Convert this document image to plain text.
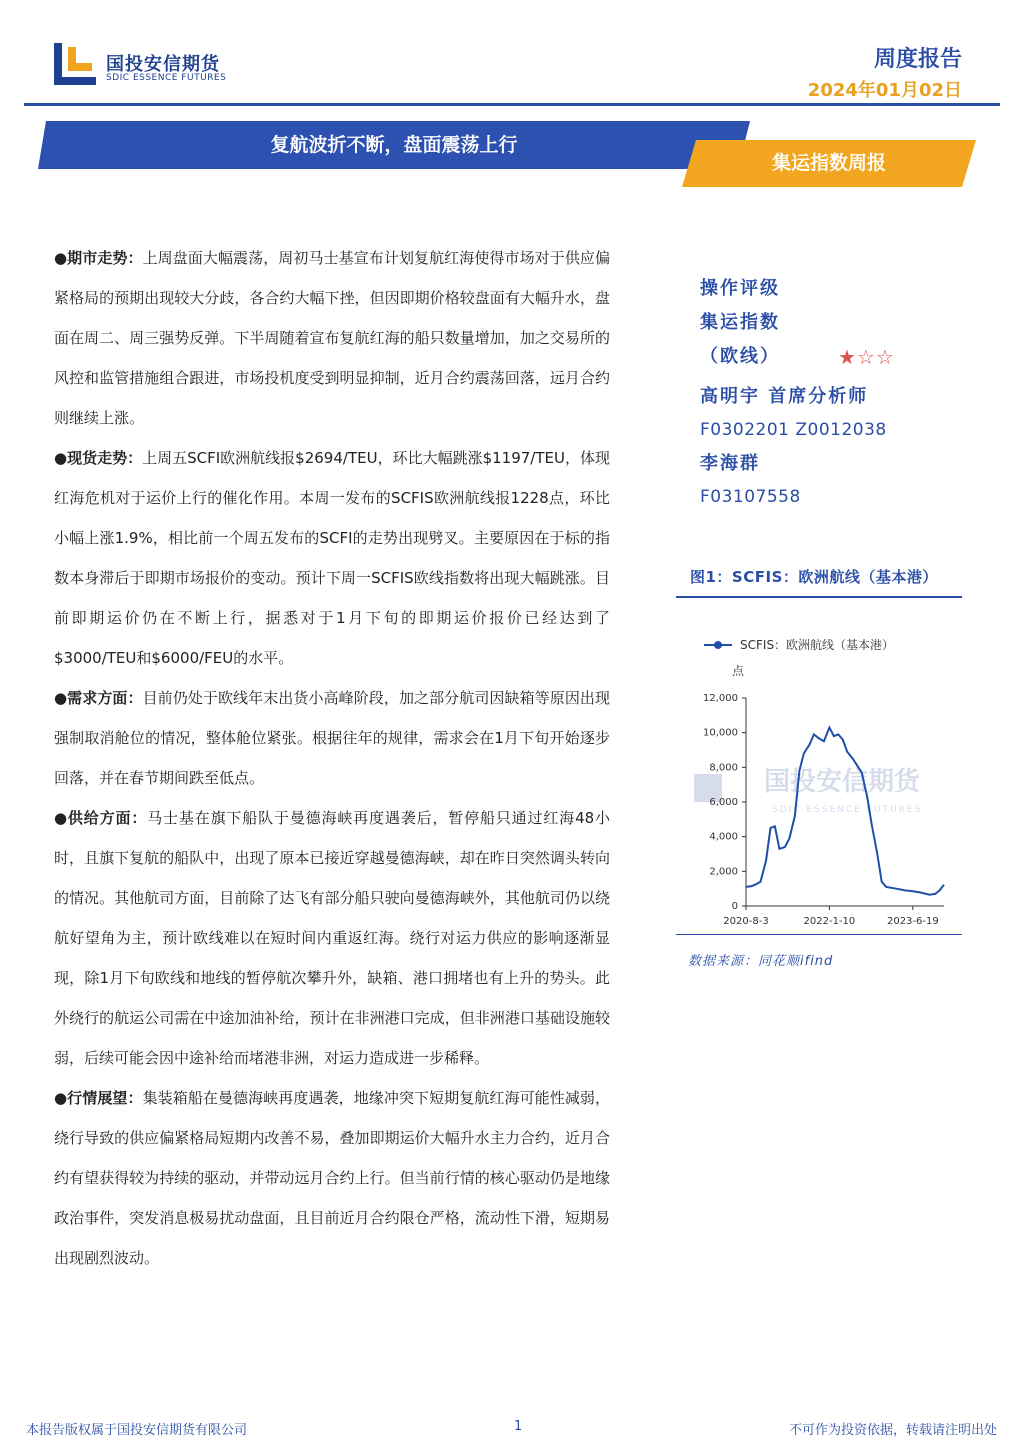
国投安信期货
SDIC ESSENCE FUTURES
周度报告
2024年01月02日
复航波折不断，盘面震荡上行
集运指数周报

●期市走势：上周盘面大幅震荡，周初马士基宣布计划复航红海使得市场对于供应偏紧格局的预期出现较大分歧，各合约大幅下挫，但因即期价格较盘面有大幅升水，盘面在周二、周三强势反弹。下半周随着宣布复航红海的船只数量增加，加之交易所的风控和监管措施组合跟进，市场投机度受到明显抑制，近月合约震荡回落，远月合约则继续上涨。

●现货走势：上周五SCFI欧洲航线报$2694/TEU，环比大幅跳涨$1197/TEU，体现红海危机对于运价上行的催化作用。本周一发布的SCFIS欧洲航线报1228点，环比小幅上涨1.9%，相比前一个周五发布的SCFI的走势出现劈叉。主要原因在于标的指数本身滞后于即期市场报价的变动。预计下周一SCFIS欧线指数将出现大幅跳涨。目前即期运价仍在不断上行，据悉对于1月下旬的即期运价报价已经达到了$3000/TEU和$6000/FEU的水平。

●需求方面：目前仍处于欧线年末出货小高峰阶段，加之部分航司因缺箱等原因出现强制取消舱位的情况，整体舱位紧张。根据往年的规律，需求会在1月下旬开始逐步回落，并在春节期间跌至低点。

●供给方面：马士基在旗下船队于曼德海峡再度遇袭后，暂停船只通过红海48小时，且旗下复航的船队中，出现了原本已接近穿越曼德海峡，却在昨日突然调头转向的情况。其他航司方面，目前除了达飞有部分船只驶向曼德海峡外，其他航司仍以绕航好望角为主，预计欧线难以在短时间内重返红海。绕行对运力供应的影响逐渐显现，除1月下旬欧线和地线的暂停航次攀升外，缺箱、港口拥堵也有上升的势头。此外绕行的航运公司需在中途加油补给，预计在非洲港口完成，但非洲港口基础设施较弱，后续可能会因中途补给而堵港非洲，对运力造成进一步稀释。

●行情展望：集装箱船在曼德海峡再度遇袭，地缘冲突下短期复航红海可能性减弱，绕行导致的供应偏紧格局短期内改善不易，叠加即期运价大幅升水主力合约，近月合约有望获得较为持续的驱动，并带动远月合约上行。但当前行情的核心驱动仍是地缘政治事件，突发消息极易扰动盘面，且目前近月合约限仓严格，流动性下滑，短期易出现剧烈波动。

操作评级
集运指数
（欧线）	★☆☆
高明宇 首席分析师
F0302201 Z0012038
李海群
F03107558
图1：SCFIS：欧洲航线（基本港）
SCFIS：欧洲航线（基本港）
点
国投安信期货
SDIC ESSENCE FUTURES
12,000
10,000
8,000
6,000
4,000
2,000
0
2020-8-3	2022-1-10	2023-6-19
数据来源：同花顺ifind
本报告版权属于国投安信期货有限公司	1	不可作为投资依据，转载请注明出处
